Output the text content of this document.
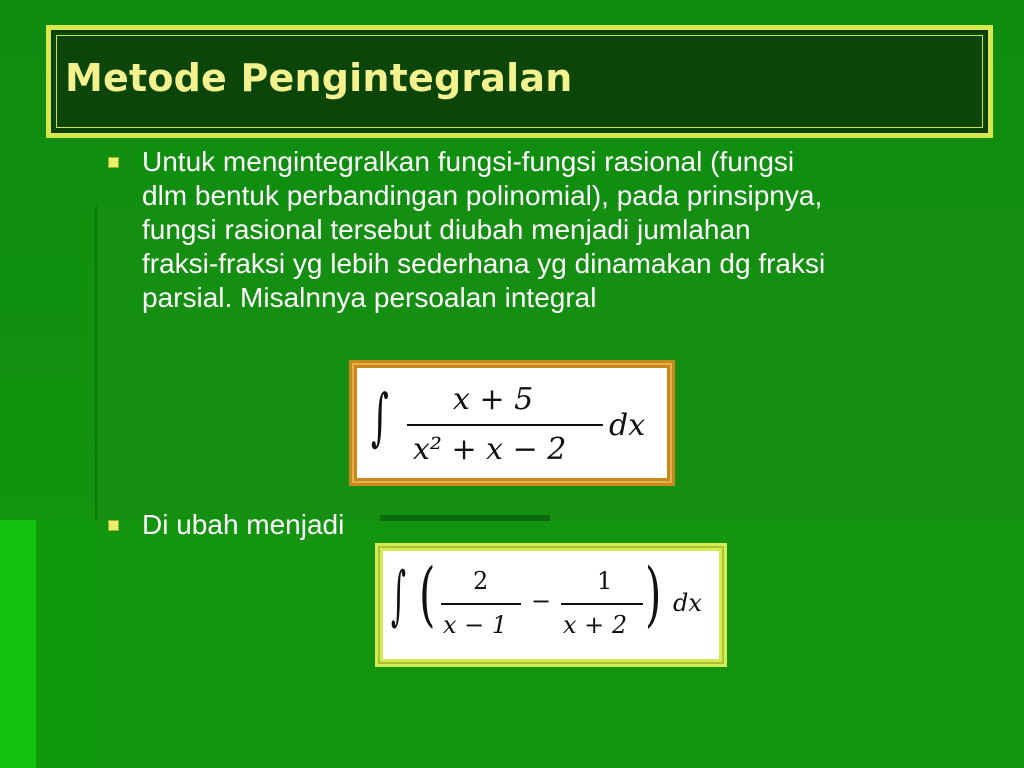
Metode Pengintegralan
Untuk mengintegralkan fungsi-fungsi rasional (fungsi
dlm bentuk perbandingan polinomial), pada prinsipnya,
fungsi rasional tersebut diubah menjadi jumlahan
fraksi-fraksi yg lebih sederhana yg dinamakan dg fraksi
parsial. Misalnnya persoalan integral
∫ x + 5
x² + x − 2
dx
Di ubah menjadi
∫ ( 2
x − 1
−
1
x + 2 ) dx
